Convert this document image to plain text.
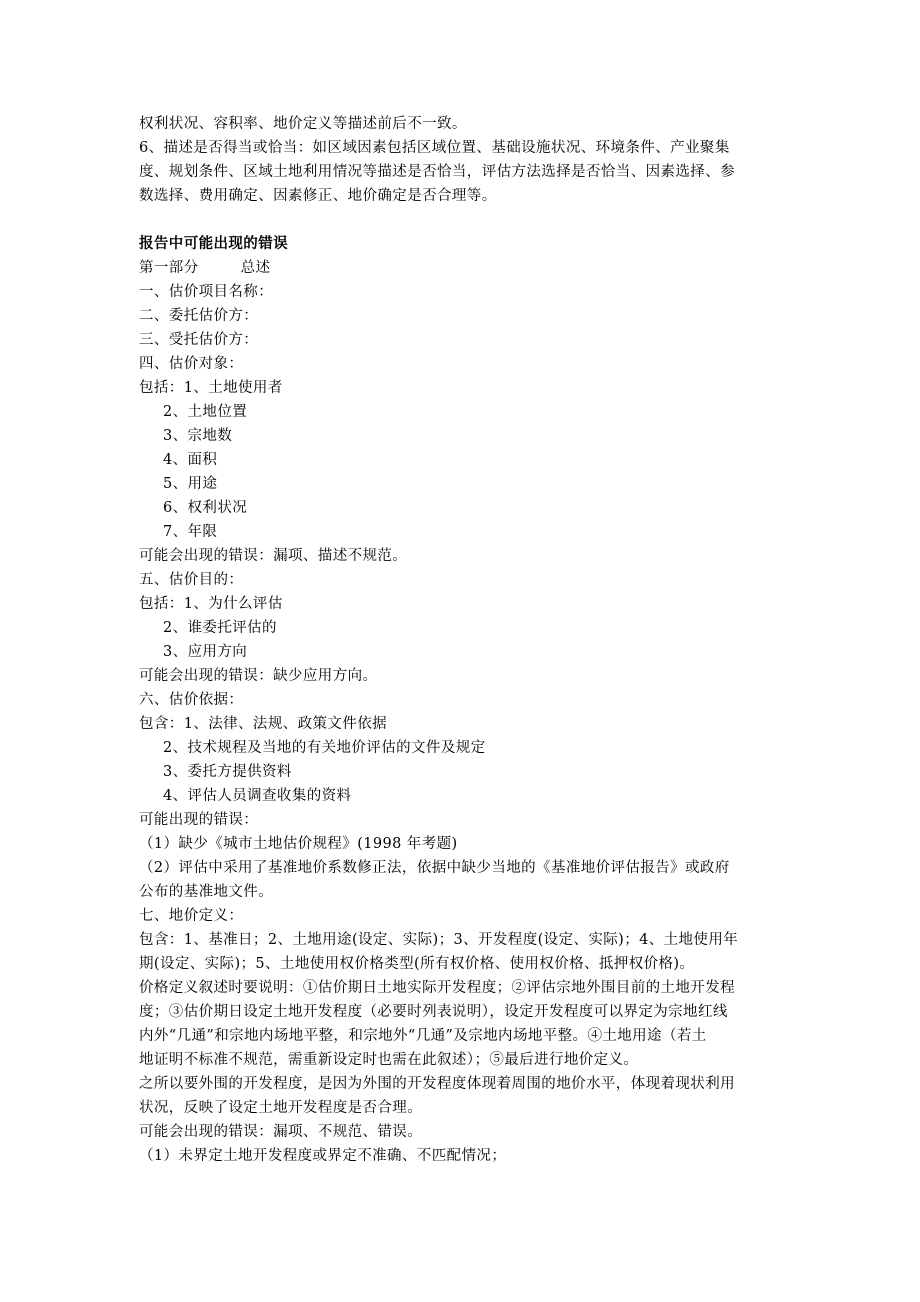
权利状况、容积率、地价定义等描述前后不一致。
6、描述是否得当或恰当：如区域因素包括区域位置、基础设施状况、环境条件、产业聚集
度、规划条件、区域土地利用情况等描述是否恰当，评估方法选择是否恰当、因素选择、参
数选择、费用确定、因素修正、地价确定是否合理等。
报告中可能出现的错误
第一部分	总述
一、估价项目名称：
二、委托估价方：
三、受托估价方：
四、估价对象：
包括：1、土地使用者
2、土地位置
3、宗地数
4、面积
5、用途
6、权利状况
7、年限
可能会出现的错误：漏项、描述不规范。
五、估价目的：
包括：1、为什么评估
2、谁委托评估的
3、应用方向
可能会出现的错误：缺少应用方向。
六、估价依据：
包含：1、法律、法规、政策文件依据
2、技术规程及当地的有关地价评估的文件及规定
3、委托方提供资料
4、评估人员调查收集的资料
可能出现的错误：
（1）缺少《城市土地估价规程》(1998 年考题)
（2）评估中采用了基准地价系数修正法，依据中缺少当地的《基准地价评估报告》或政府
公布的基准地文件。
七、地价定义：
包含：1、基准日；2、土地用途(设定、实际)；3、开发程度(设定、实际)；4、土地使用年
期(设定、实际)；5、土地使用权价格类型(所有权价格、使用权价格、抵押权价格)。
价格定义叙述时要说明：①估价期日土地实际开发程度；②评估宗地外围目前的土地开发程
度；③估价期日设定土地开发程度（必要时列表说明），设定开发程度可以界定为宗地红线
内外“几通”和宗地内场地平整，和宗地外“几通”及宗地内场地平整。④土地用途（若土
地证明不标准不规范，需重新设定时也需在此叙述）；⑤最后进行地价定义。
之所以要外围的开发程度，是因为外围的开发程度体现着周围的地价水平，体现着现状利用
状况，反映了设定土地开发程度是否合理。
可能会出现的错误：漏项、不规范、错误。
（1）未界定土地开发程度或界定不准确、不匹配情况；
